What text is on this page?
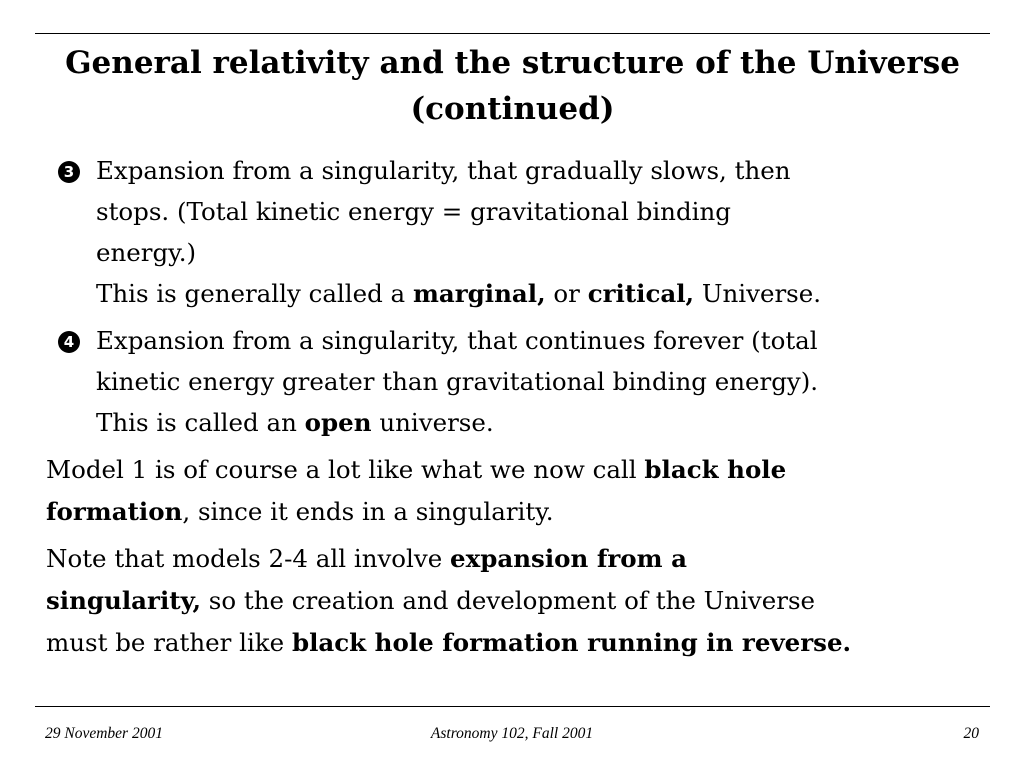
General relativity and the structure of the Universe
(continued)
3 Expansion from a singularity, that gradually slows, then
stops. (Total kinetic energy = gravitational binding
energy.)
This is generally called a marginal, or critical, Universe.
4 Expansion from a singularity, that continues forever (total
kinetic energy greater than gravitational binding energy).
This is called an open universe.
Model 1 is of course a lot like what we now call black hole
formation, since it ends in a singularity.
Note that models 2-4 all involve expansion from a
singularity, so the creation and development of the Universe
must be rather like black hole formation running in reverse.
29 November 2001	Astronomy 102, Fall 2001	20
